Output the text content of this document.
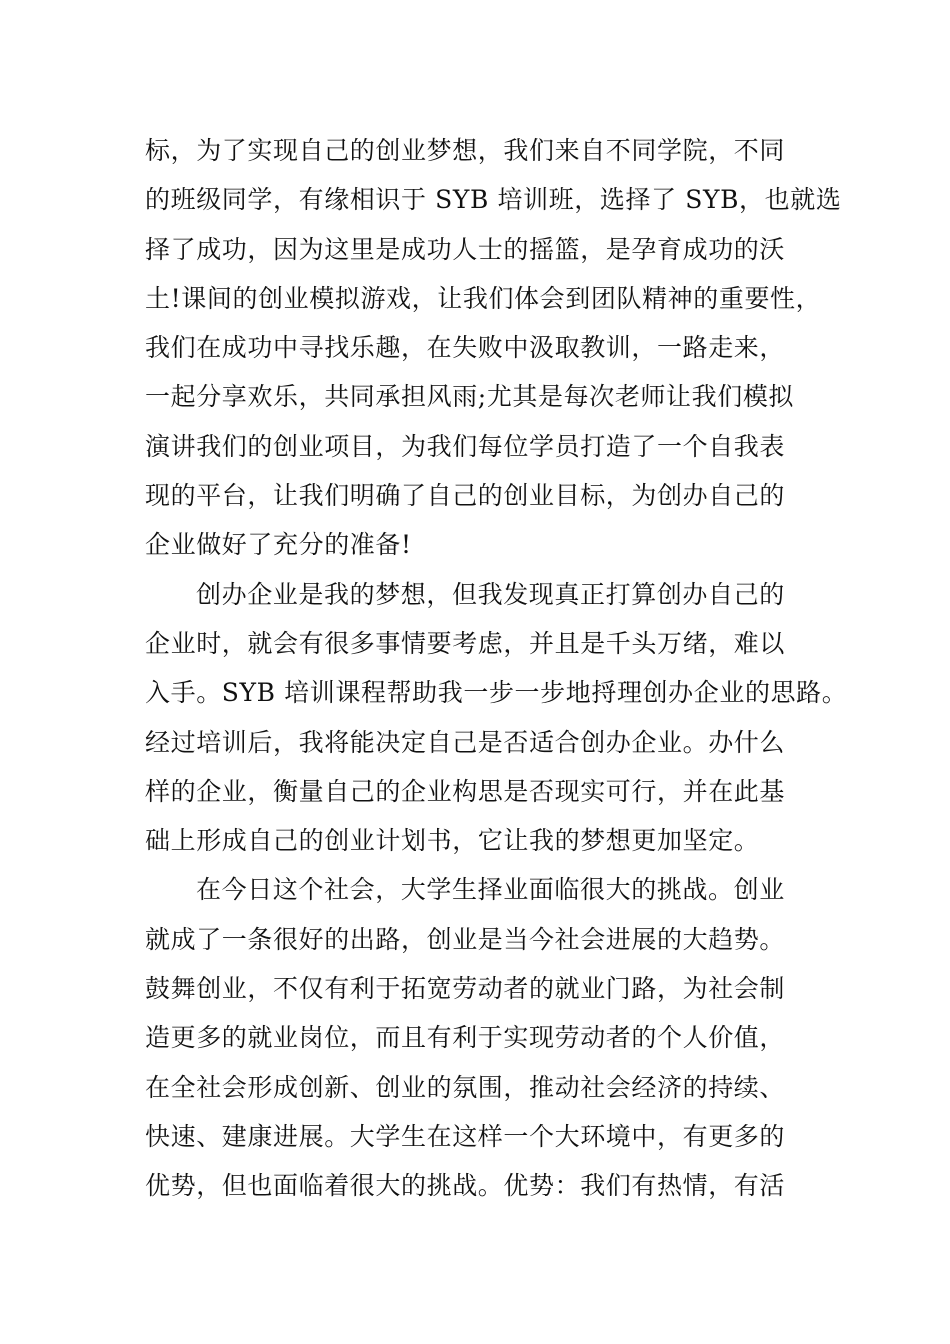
标，为了实现自己的创业梦想，我们来自不同学院，不同
的班级同学，有缘相识于 SYB 培训班，选择了 SYB，也就选
择了成功，因为这里是成功人士的摇篮，是孕育成功的沃
土!课间的创业模拟游戏，让我们体会到团队精神的重要性，
我们在成功中寻找乐趣，在失败中汲取教训，一路走来，
一起分享欢乐，共同承担风雨;尤其是每次老师让我们模拟
演讲我们的创业项目，为我们每位学员打造了一个自我表
现的平台，让我们明确了自己的创业目标，为创办自己的
企业做好了充分的准备!
创办企业是我的梦想，但我发现真正打算创办自己的
企业时，就会有很多事情要考虑，并且是千头万绪，难以
入手。SYB 培训课程帮助我一步一步地捋理创办企业的思路。
经过培训后，我将能决定自己是否适合创办企业。办什么
样的企业，衡量自己的企业构思是否现实可行，并在此基
础上形成自己的创业计划书，它让我的梦想更加坚定。
在今日这个社会，大学生择业面临很大的挑战。创业
就成了一条很好的出路，创业是当今社会进展的大趋势。
鼓舞创业，不仅有利于拓宽劳动者的就业门路，为社会制
造更多的就业岗位，而且有利于实现劳动者的个人价值，
在全社会形成创新、创业的氛围，推动社会经济的持续、
快速、建康进展。大学生在这样一个大环境中，有更多的
优势，但也面临着很大的挑战。优势：我们有热情，有活
